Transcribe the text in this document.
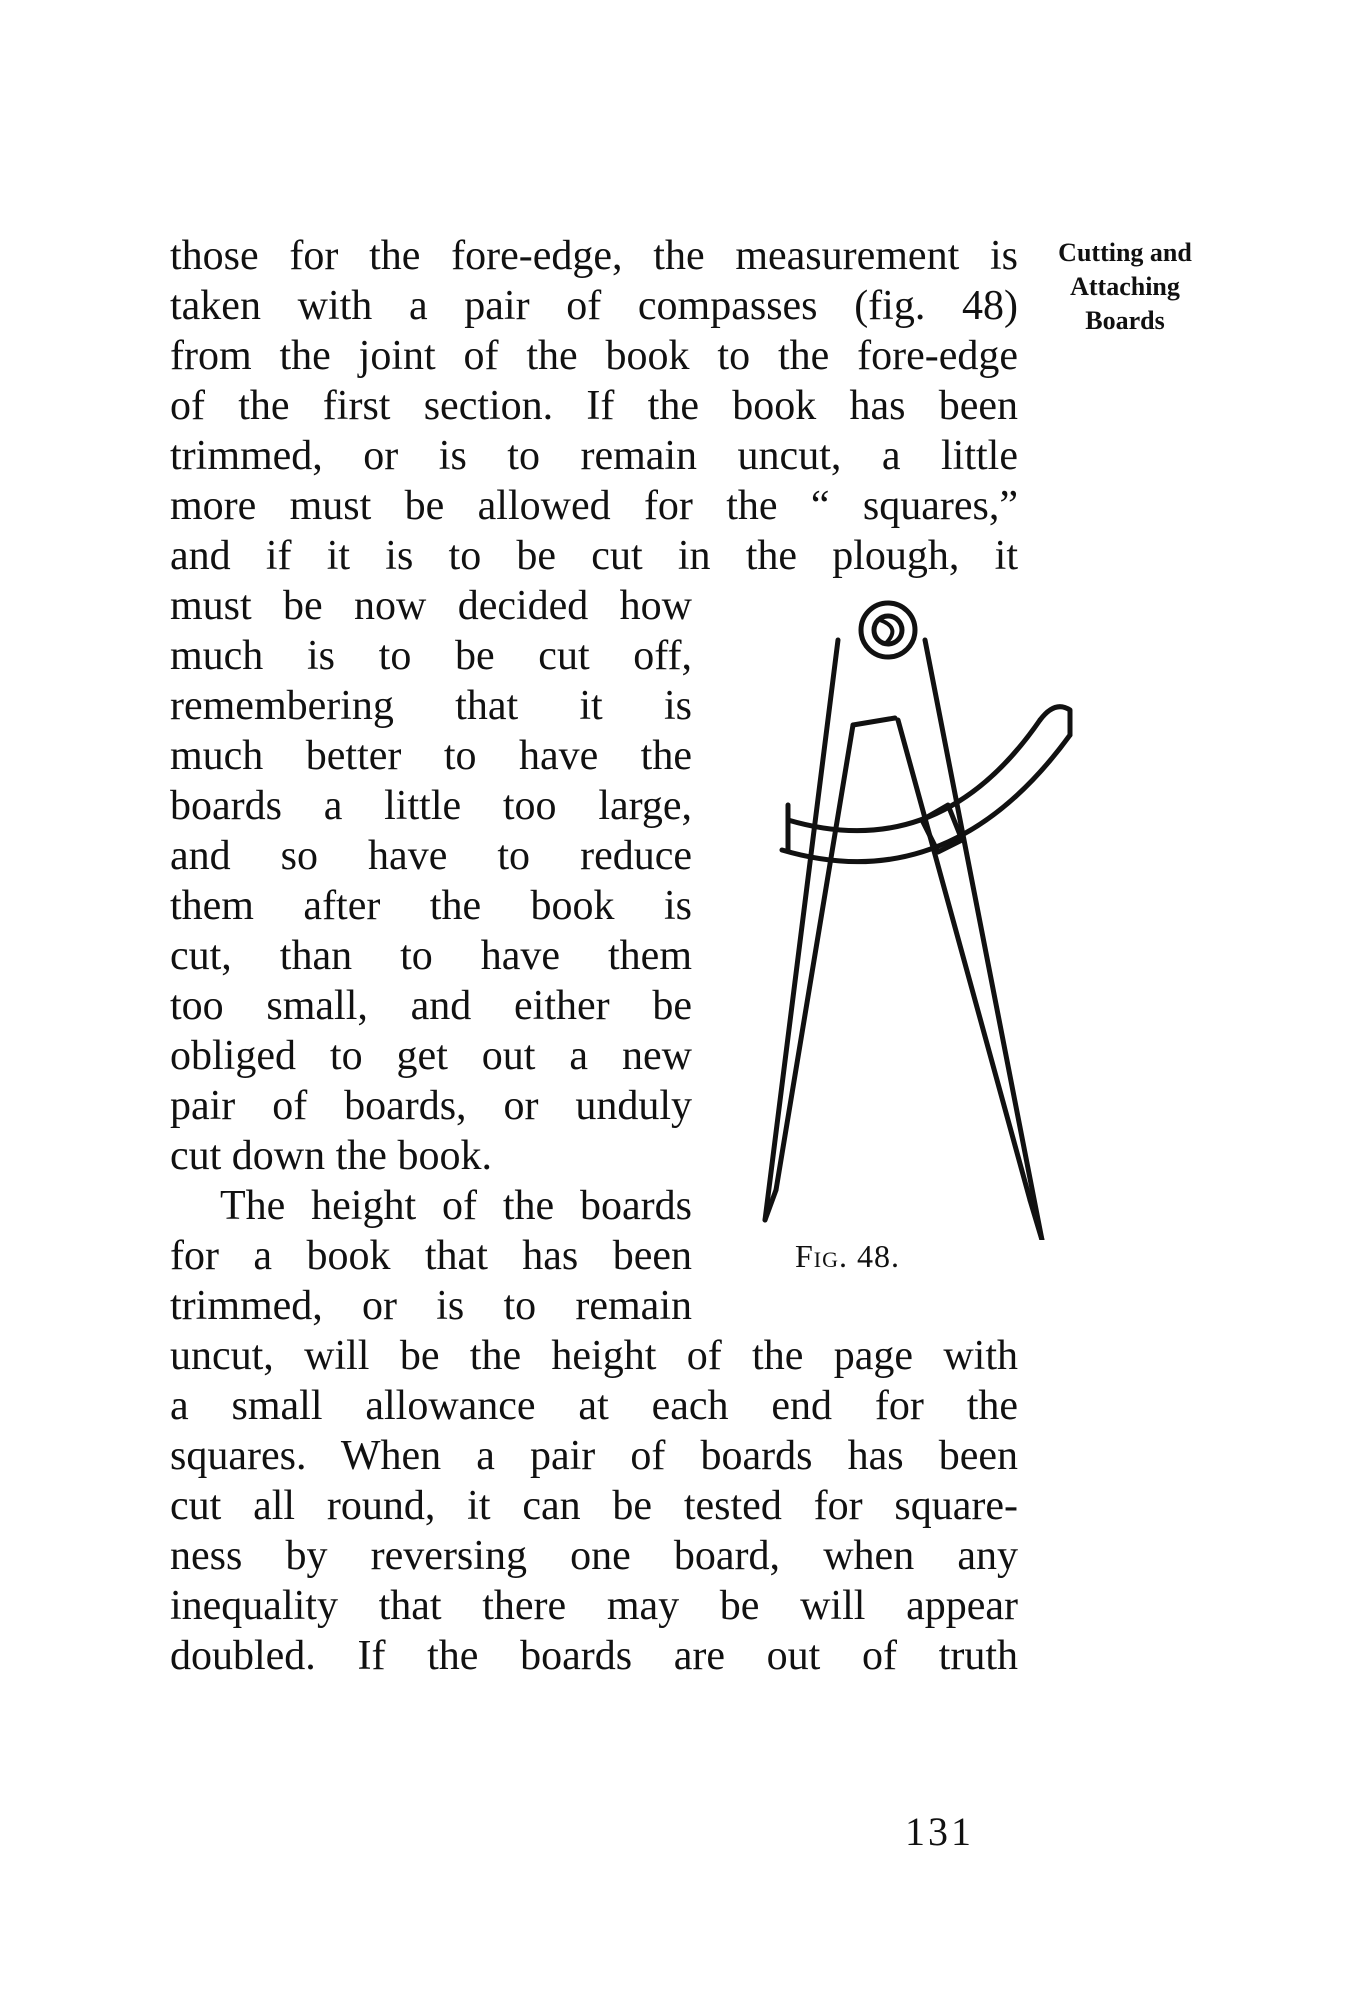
Cutting and
Attaching
Boards
those for the fore-edge, the measurement is
taken with a pair of compasses (fig. 48)
from the joint of the book to the fore-edge
of the first section. If the book has been
trimmed, or is to remain uncut, a little
more must be allowed for the “ squares,”
and if it is to be cut in the plough, it
must be now decided how
much is to be cut off,
remembering that it is
much better to have the
boards a little too large,
and so have to reduce
them after the book is
cut, than to have them
too small, and either be
obliged to get out a new
pair of boards, or unduly
cut down the book.
The height of the boards
for a book that has been
trimmed, or is to remain
uncut, will be the height of the page with
a small allowance at each end for the
squares. When a pair of boards has been
cut all round, it can be tested for square-
ness by reversing one board, when any
inequality that there may be will appear
doubled. If the boards are out of truth
Fig. 48.
131
